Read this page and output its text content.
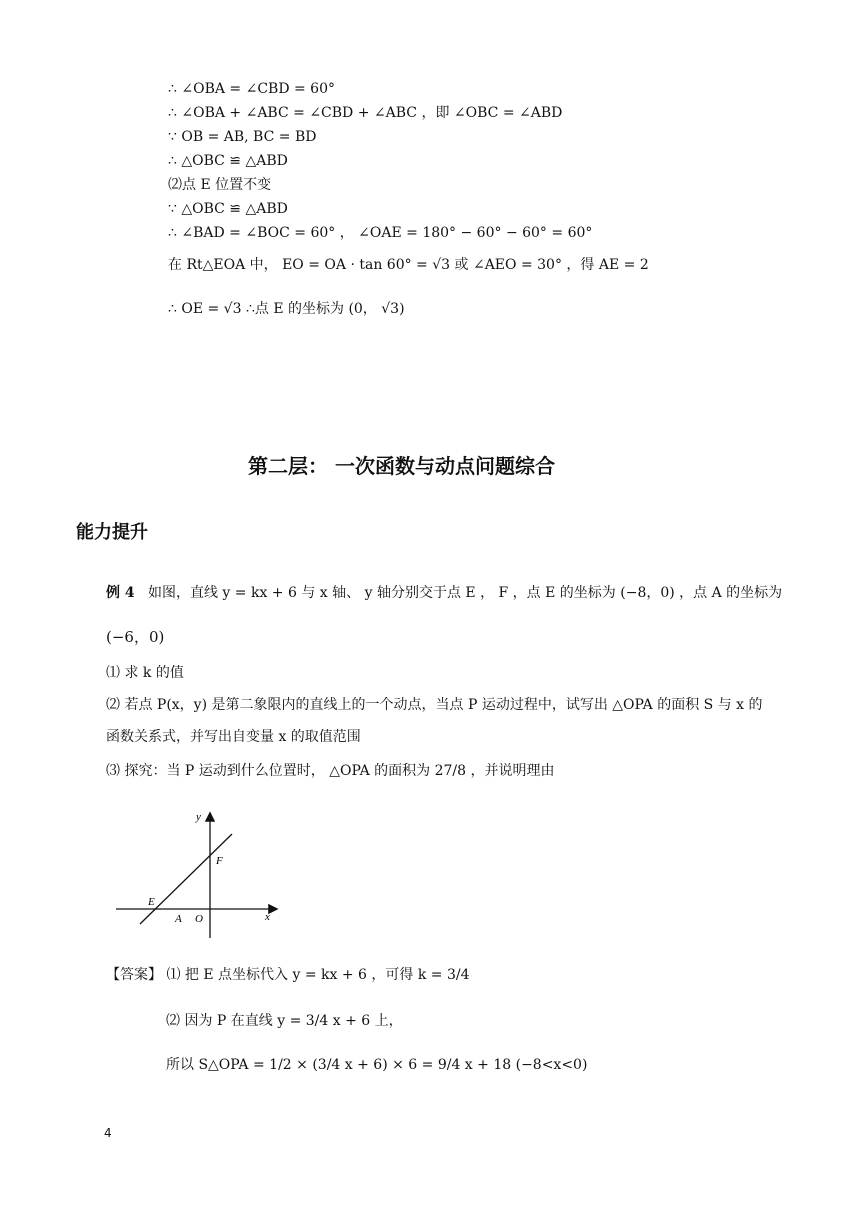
∴ ∠OBA = ∠CBD = 60°
∴ ∠OBA + ∠ABC = ∠CBD + ∠ABC ，即 ∠OBC = ∠ABD
∵ OB = AB, BC = BD
∴ △OBC ≌ △ABD
⑵点 E 位置不变
∵ △OBC ≌ △ABD
∴ ∠BAD = ∠BOC = 60° ， ∠OAE = 180° − 60° − 60° = 60°
在 Rt△EOA 中， EO = OA · tan 60° = √3 或 ∠AEO = 30° ，得 AE = 2
∴ OE = √3 ∴点 E 的坐标为 (0， √3)
第二层： 一次函数与动点问题综合
能力提升
例 4 如图，直线 y = kx + 6 与 x 轴、 y 轴分别交于点 E ， F ，点 E 的坐标为 (−8，0) ，点 A 的坐标为
(−6，0)
⑴ 求 k 的值
⑵ 若点 P(x，y) 是第二象限内的直线上的一个动点，当点 P 运动过程中，试写出 △OPA 的面积 S 与 x 的
函数关系式，并写出自变量 x 的取值范围
⑶ 探究：当 P 运动到什么位置时， △OPA 的面积为 27/8 ，并说明理由
y
x
F
E
A O
【答案】 ⑴ 把 E 点坐标代入 y = kx + 6 ，可得 k = 3/4
⑵ 因为 P 在直线 y = 3/4 x + 6 上，
所以 S△OPA = 1/2 × (3/4 x + 6) × 6 = 9/4 x + 18 (−8<x<0)
4
